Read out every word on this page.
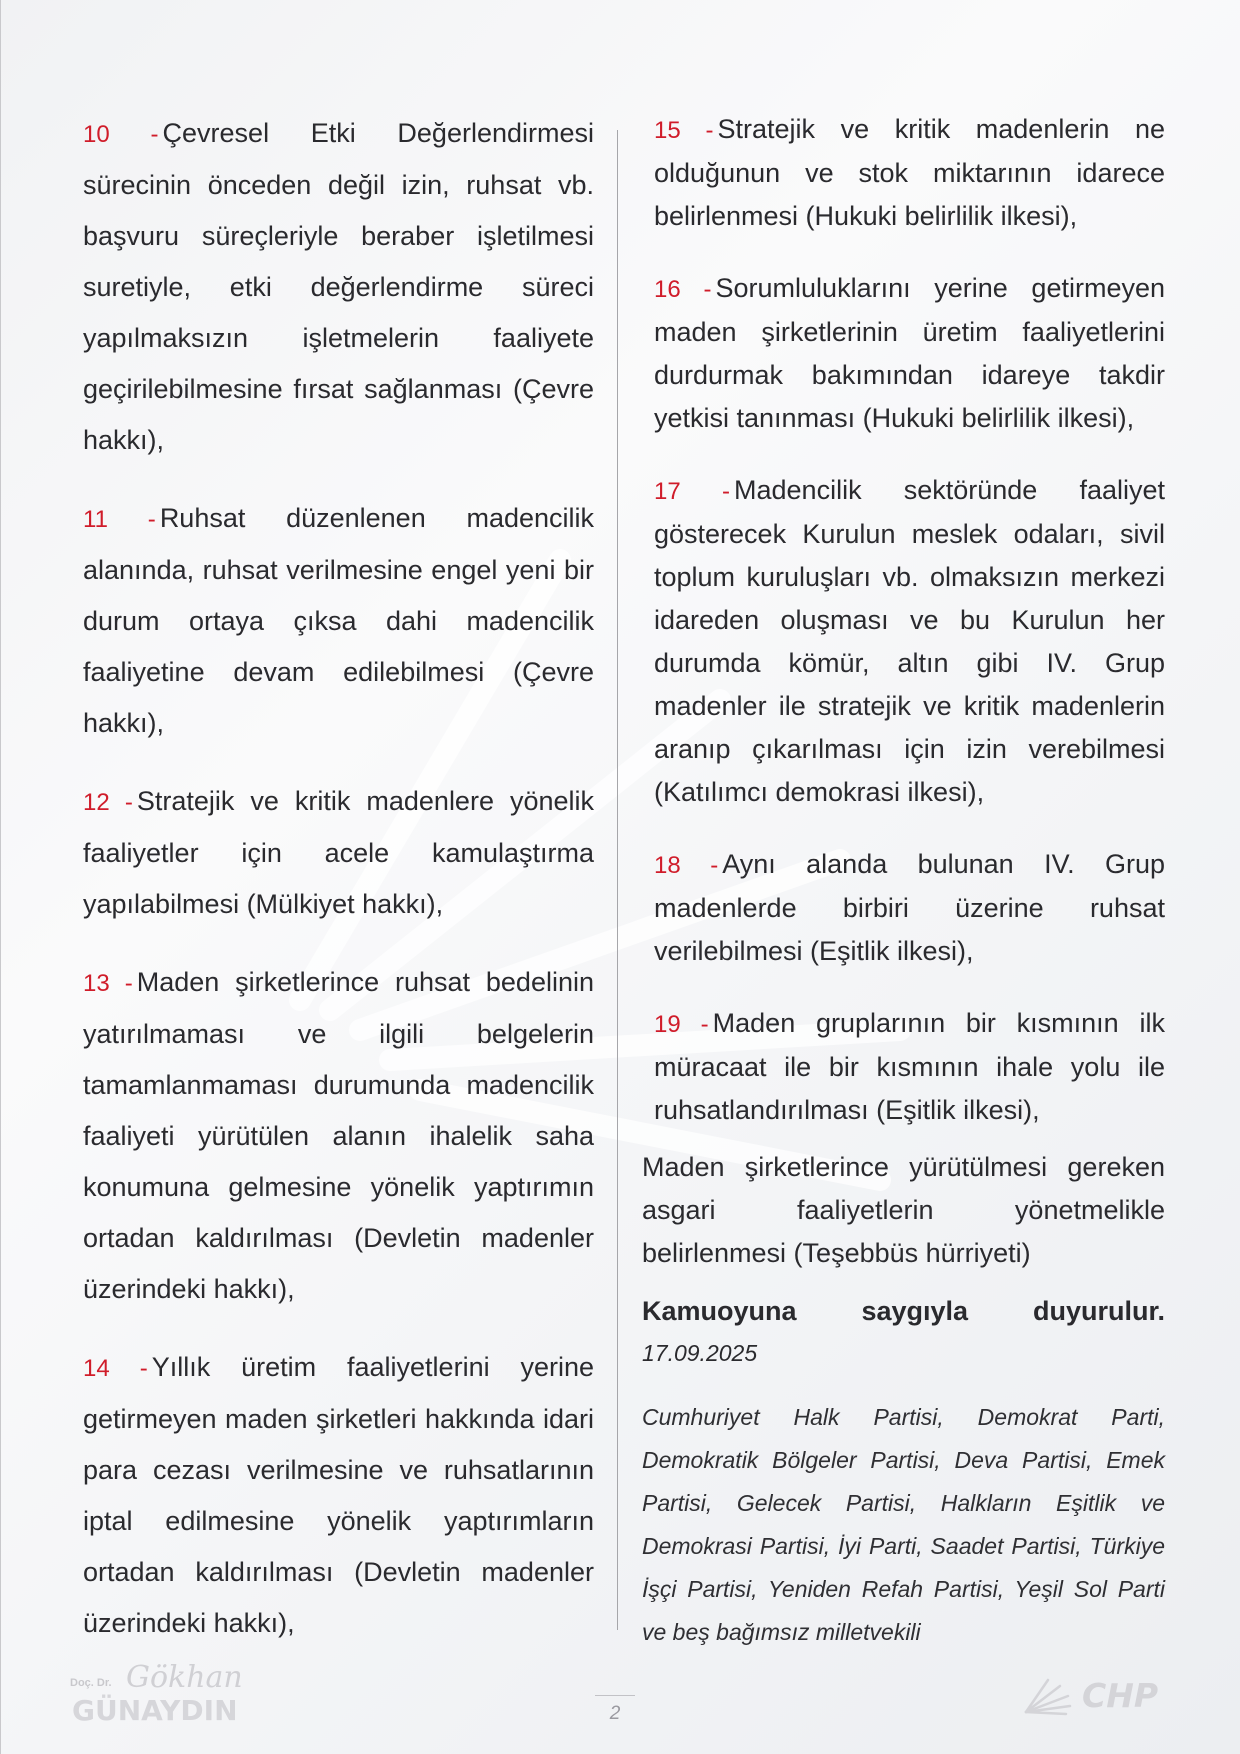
10 - Çevresel Etki Değerlendirmesi sürecinin önceden değil izin, ruhsat vb. başvuru süreçleriyle beraber işletilmesi suretiyle, etki değerlendirme süreci yapılmaksızın işletmelerin faaliyete geçirilebilmesine fırsat sağlanması (Çevre hakkı),

11 - Ruhsat düzenlenen madencilik alanında, ruhsat verilmesine engel yeni bir durum ortaya çıksa dahi madencilik faaliyetine devam edilebilmesi (Çevre hakkı),

12 - Stratejik ve kritik madenlere yönelik faaliyetler için acele kamulaştırma yapılabilmesi (Mülkiyet hakkı),

13 - Maden şirketlerince ruhsat bedelinin yatırılmaması ve ilgili belgelerin tamamlanmaması durumunda madencilik faaliyeti yürütülen alanın ihalelik saha konumuna gelmesine yönelik yaptırımın ortadan kaldırılması (Devletin madenler üzerindeki hakkı),

14 - Yıllık üretim faaliyetlerini yerine getirmeyen maden şirketleri hakkında idari para cezası verilmesine ve ruhsatlarının iptal edilmesine yönelik yaptırımların ortadan kaldırılması (Devletin madenler üzerindeki hakkı),

15 - Stratejik ve kritik madenlerin ne olduğunun ve stok miktarının idarece belirlenmesi (Hukuki belirlilik ilkesi),

16 - Sorumluluklarını yerine getirmeyen maden şirketlerinin üretim faaliyetlerini durdurmak bakımından idareye takdir yetkisi tanınması (Hukuki belirlilik ilkesi),

17 - Madencilik sektöründe faaliyet gösterecek Kurulun meslek odaları, sivil toplum kuruluşları vb. olmaksızın merkezi idareden oluşması ve bu Kurulun her durumda kömür, altın gibi IV. Grup madenler ile stratejik ve kritik madenlerin aranıp çıkarılması için izin verebilmesi (Katılımcı demokrasi ilkesi),

18 - Aynı alanda bulunan IV. Grup madenlerde birbiri üzerine ruhsat verilebilmesi (Eşitlik ilkesi),

19 - Maden gruplarının bir kısmının ilk müracaat ile bir kısmının ihale yolu ile ruhsatlandırılması (Eşitlik ilkesi),

Maden şirketlerince yürütülmesi gereken asgari faaliyetlerin yönetmelikle belirlenmesi (Teşebbüs hürriyeti)

Kamuoyuna saygıyla duyurulur.

17.09.2025

Cumhuriyet Halk Partisi, Demokrat Parti, Demokratik Bölgeler Partisi, Deva Partisi, Emek Partisi, Gelecek Partisi, Halkların Eşitlik ve Demokrasi Partisi, İyi Parti, Saadet Partisi, Türkiye İşçi Partisi, Yeniden Refah Partisi, Yeşil Sol Parti ve beş bağımsız milletvekili

Doç. Dr. Gökhan
GÜNAYDIN	2	CHP
